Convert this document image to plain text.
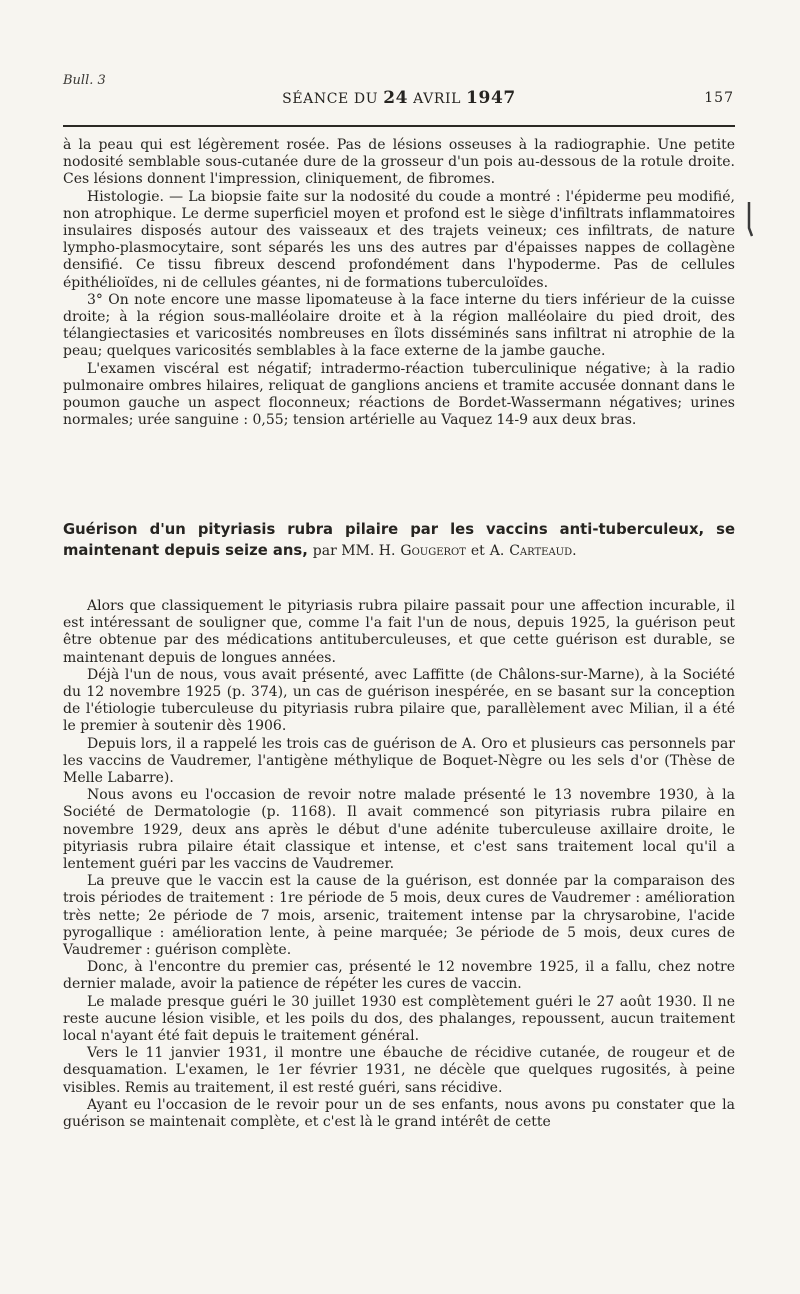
Bull. 3
SÉANCE DU 24 AVRIL 1947	157

à la peau qui est légèrement rosée. Pas de lésions osseuses à la radiographie. Une petite nodosité semblable sous-cutanée dure de la grosseur d'un pois au-dessous de la rotule droite. Ces lésions donnent l'impression, cliniquement, de fibromes.

Histologie. — La biopsie faite sur la nodosité du coude a montré : l'épiderme peu modifié, non atrophique. Le derme superficiel moyen et profond est le siège d'infiltrats inflammatoires insulaires disposés autour des vaisseaux et des trajets veineux; ces infiltrats, de nature lympho-plasmocytaire, sont séparés les uns des autres par d'épaisses nappes de collagène densifié. Ce tissu fibreux descend profondément dans l'hypoderme. Pas de cellules épithélioïdes, ni de cellules géantes, ni de formations tuberculoïdes.

3° On note encore une masse lipomateuse à la face interne du tiers inférieur de la cuisse droite; à la région sous-malléolaire droite et à la région malléolaire du pied droit, des télangiectasies et varicosités nombreuses en îlots disséminés sans infiltrat ni atrophie de la peau; quelques varicosités semblables à la face externe de la jambe gauche.

L'examen viscéral est négatif; intradermo-réaction tuberculinique négative; à la radio pulmonaire ombres hilaires, reliquat de ganglions anciens et tramite accusée donnant dans le poumon gauche un aspect floconneux; réactions de Bordet-Wassermann négatives; urines normales; urée sanguine : 0,55; tension artérielle au Vaquez 14-9 aux deux bras.

Guérison d'un pityriasis rubra pilaire par les vaccins anti-tuberculeux, se maintenant depuis seize ans, par MM. H. Gougerot et A. Carteaud.

Alors que classiquement le pityriasis rubra pilaire passait pour une affection incurable, il est intéressant de souligner que, comme l'a fait l'un de nous, depuis 1925, la guérison peut être obtenue par des médications antituberculeuses, et que cette guérison est durable, se maintenant depuis de longues années.

Déjà l'un de nous, vous avait présenté, avec Laffitte (de Châlons-sur-Marne), à la Société du 12 novembre 1925 (p. 374), un cas de guérison inespérée, en se basant sur la conception de l'étiologie tuberculeuse du pityriasis rubra pilaire que, parallèlement avec Milian, il a été le premier à soutenir dès 1906.

Depuis lors, il a rappelé les trois cas de guérison de A. Oro et plusieurs cas personnels par les vaccins de Vaudremer, l'antigène méthylique de Boquet-Nègre ou les sels d'or (Thèse de Melle Labarre).

Nous avons eu l'occasion de revoir notre malade présenté le 13 novembre 1930, à la Société de Dermatologie (p. 1168). Il avait commencé son pityriasis rubra pilaire en novembre 1929, deux ans après le début d'une adénite tuberculeuse axillaire droite, le pityriasis rubra pilaire était classique et intense, et c'est sans traitement local qu'il a lentement guéri par les vaccins de Vaudremer.

La preuve que le vaccin est la cause de la guérison, est donnée par la comparaison des trois périodes de traitement : 1re période de 5 mois, deux cures de Vaudremer : amélioration très nette; 2e période de 7 mois, arsenic, traitement intense par la chrysarobine, l'acide pyrogallique : amélioration lente, à peine marquée; 3e période de 5 mois, deux cures de Vaudremer : guérison complète.

Donc, à l'encontre du premier cas, présenté le 12 novembre 1925, il a fallu, chez notre dernier malade, avoir la patience de répéter les cures de vaccin.

Le malade presque guéri le 30 juillet 1930 est complètement guéri le 27 août 1930. Il ne reste aucune lésion visible, et les poils du dos, des phalanges, repoussent, aucun traitement local n'ayant été fait depuis le traitement général.

Vers le 11 janvier 1931, il montre une ébauche de récidive cutanée, de rougeur et de desquamation. L'examen, le 1er février 1931, ne décèle que quelques rugosités, à peine visibles. Remis au traitement, il est resté guéri, sans récidive.

Ayant eu l'occasion de le revoir pour un de ses enfants, nous avons pu constater que la guérison se maintenait complète, et c'est là le grand intérêt de cette
